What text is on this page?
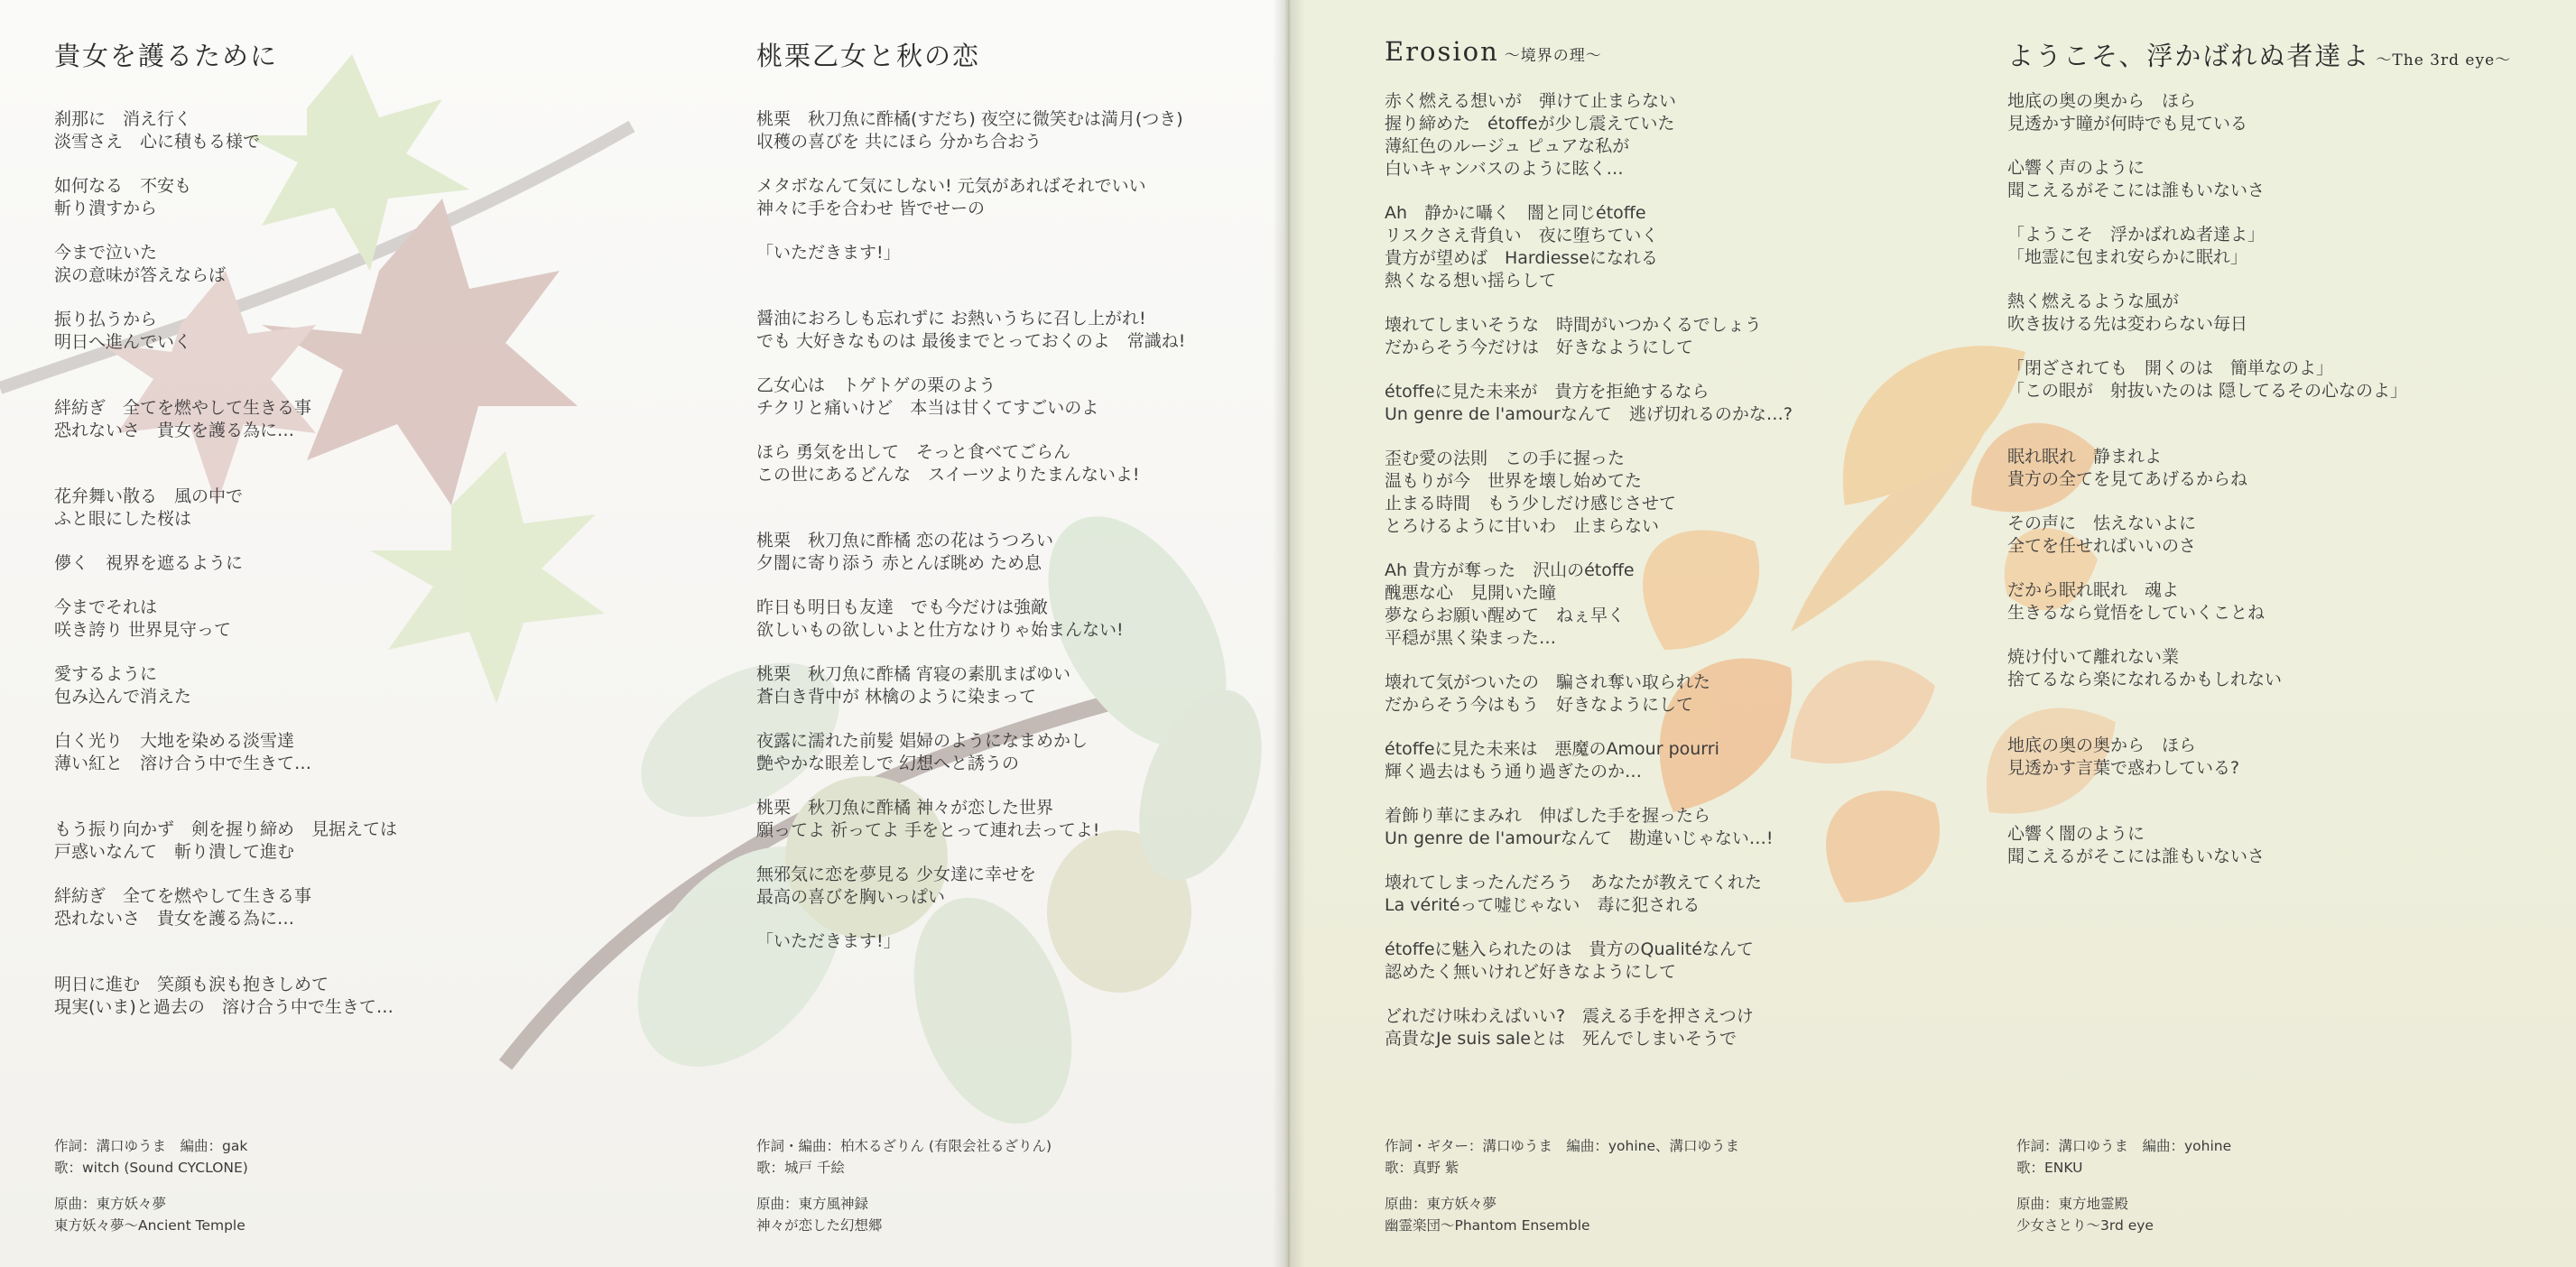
貴女を護るために
刹那に　消え行く
淡雪さえ　心に積もる様で
如何なる　不安も
斬り潰すから
今まで泣いた
涙の意味が答えならば
振り払うから
明日へ進んでいく
絆紡ぎ　全てを燃やして生きる事
恐れないさ　貴女を護る為に…
花弁舞い散る　風の中で
ふと眼にした桜は
儚く　視界を遮るように
今までそれは
咲き誇り 世界見守って
愛するように
包み込んで消えた
白く光り　大地を染める淡雪達
薄い紅と　溶け合う中で生きて…
もう振り向かず　剣を握り締め　見据えては
戸惑いなんて　斬り潰して進む
絆紡ぎ　全てを燃やして生きる事
恐れないさ　貴女を護る為に…
明日に進む　笑顔も涙も抱きしめて
現実(いま)と過去の　溶け合う中で生きて…
作詞：溝口ゆうま　編曲：gak
歌：witch (Sound CYCLONE)
原曲：東方妖々夢
東方妖々夢～Ancient Temple
桃栗乙女と秋の恋
桃栗　秋刀魚に酢橘(すだち) 夜空に微笑むは満月(つき)
収穫の喜びを 共にほら 分かち合おう
メタボなんて気にしない! 元気があればそれでいい
神々に手を合わせ 皆でせーの
「いただきます!」
醤油におろしも忘れずに お熱いうちに召し上がれ!
でも 大好きなものは 最後までとっておくのよ　常識ね!
乙女心は　トゲトゲの栗のよう
チクリと痛いけど　本当は甘くてすごいのよ
ほら 勇気を出して　そっと食べてごらん
この世にあるどんな　スイーツよりたまんないよ!
桃栗　秋刀魚に酢橘 恋の花はうつろい
夕闇に寄り添う 赤とんぼ眺め ため息
昨日も明日も友達　でも今だけは強敵
欲しいもの欲しいよと仕方なけりゃ始まんない!
桃栗　秋刀魚に酢橘 宵寝の素肌まばゆい
蒼白き背中が 林檎のように染まって
夜露に濡れた前髪 娼婦のようになまめかし
艶やかな眼差しで 幻想へと誘うの
桃栗　秋刀魚に酢橘 神々が恋した世界
願ってよ 祈ってよ 手をとって連れ去ってよ!
無邪気に恋を夢見る 少女達に幸せを
最高の喜びを胸いっぱい
「いただきます!」
作詞・編曲：柏木るざりん (有限会社るざりん)
歌：城戸 千絵
原曲：東方風神録
神々が恋した幻想郷
Erosion ～境界の理～
赤く燃える想いが　弾けて止まらない
握り締めた　étoffeが少し震えていた
薄紅色のルージュ ピュアな私が
白いキャンバスのように眩く…
Ah　静かに囁く　闇と同じétoffe
リスクさえ背負い　夜に堕ちていく
貴方が望めば　Hardiesseになれる
熱くなる想い揺らして
壊れてしまいそうな　時間がいつかくるでしょう
だからそう今だけは　好きなようにして
étoffeに見た未来が　貴方を拒絶するなら
Un genre de l'amourなんて　逃げ切れるのかな…?
歪む愛の法則　この手に握った
温もりが今　世界を壊し始めてた
止まる時間　もう少しだけ感じさせて
とろけるように甘いわ　止まらない
Ah 貴方が奪った　沢山のétoffe
醜悪な心　見開いた瞳
夢ならお願い醒めて　ねぇ早く
平穏が黒く染まった…
壊れて気がついたの　騙され奪い取られた
だからそう今はもう　好きなようにして
étoffeに見た未来は　悪魔のAmour pourri
輝く過去はもう通り過ぎたのか…
着飾り華にまみれ　伸ばした手を握ったら
Un genre de l'amourなんて　勘違いじゃない…!
壊れてしまったんだろう　あなたが教えてくれた
La véritéって嘘じゃない　毒に犯される
étoffeに魅入られたのは　貴方のQualitéなんて
認めたく無いけれど好きなようにして
どれだけ味わえばいい?　震える手を押さえつけ
高貴なJe suis saleとは　死んでしまいそうで
作詞・ギター：溝口ゆうま　編曲：yohine、溝口ゆうま
歌：真野 紫
原曲：東方妖々夢
幽霊楽団～Phantom Ensemble
ようこそ、浮かばれぬ者達よ ～The 3rd eye～
地底の奥の奥から　ほら
見透かす瞳が何時でも見ている
心響く声のように
聞こえるがそこには誰もいないさ
「ようこそ　浮かばれぬ者達よ」
「地霊に包まれ安らかに眠れ」
熱く燃えるような風が
吹き抜ける先は変わらない毎日
「閉ざされても　開くのは　簡単なのよ」
「この眼が　射抜いたのは 隠してるその心なのよ」
眠れ眠れ　静まれよ
貴方の全てを見てあげるからね
その声に　怯えないよに
全てを任せればいいのさ
だから眠れ眠れ　魂よ
生きるなら覚悟をしていくことね
焼け付いて離れない業
捨てるなら楽になれるかもしれない
地底の奥の奥から　ほら
見透かす言葉で惑わしている?
心響く闇のように
聞こえるがそこには誰もいないさ
作詞：溝口ゆうま　編曲：yohine
歌：ENKU
原曲：東方地霊殿
少女さとり～3rd eye
